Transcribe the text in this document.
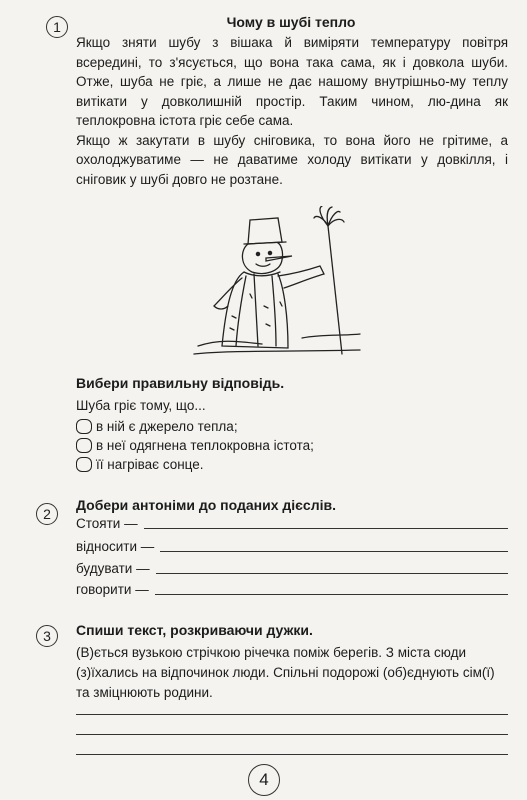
1	Чому в шубі тепло

Якщо зняти шубу з вішака й виміряти температуру повітря всередині, то з'ясується, що вона така сама, як і довкола шуби. Отже, шуба не гріє, а лише не дає нашому внутрішньо-му теплу витікати у довколишній простір. Таким чином, лю-дина як теплокровна істота гріє себе сама.

Якщо ж закутати в шубу сніговика, то вона його не грітиме, а охолоджуватиме — не даватиме холоду витікати у довкілля, і сніговик у шубі довго не розтане.

Вибери правильну відповідь.
Шуба гріє тому, що...
в ній є джерело тепла;
в неї одягнена теплокровна істота;
її нагріває сонце.
2
Добери антоніми до поданих дієслів.
Стояти —
відносити —
будувати —
говорити —
3	Спиши текст, розкриваючи дужки.
(В)ється вузькою стрічкою річечка поміж берегів. З міста сюди (з)їхались на відпочинок люди. Спільні подорожі (об)єднують сім(ї) та зміцнюють родини.
4
